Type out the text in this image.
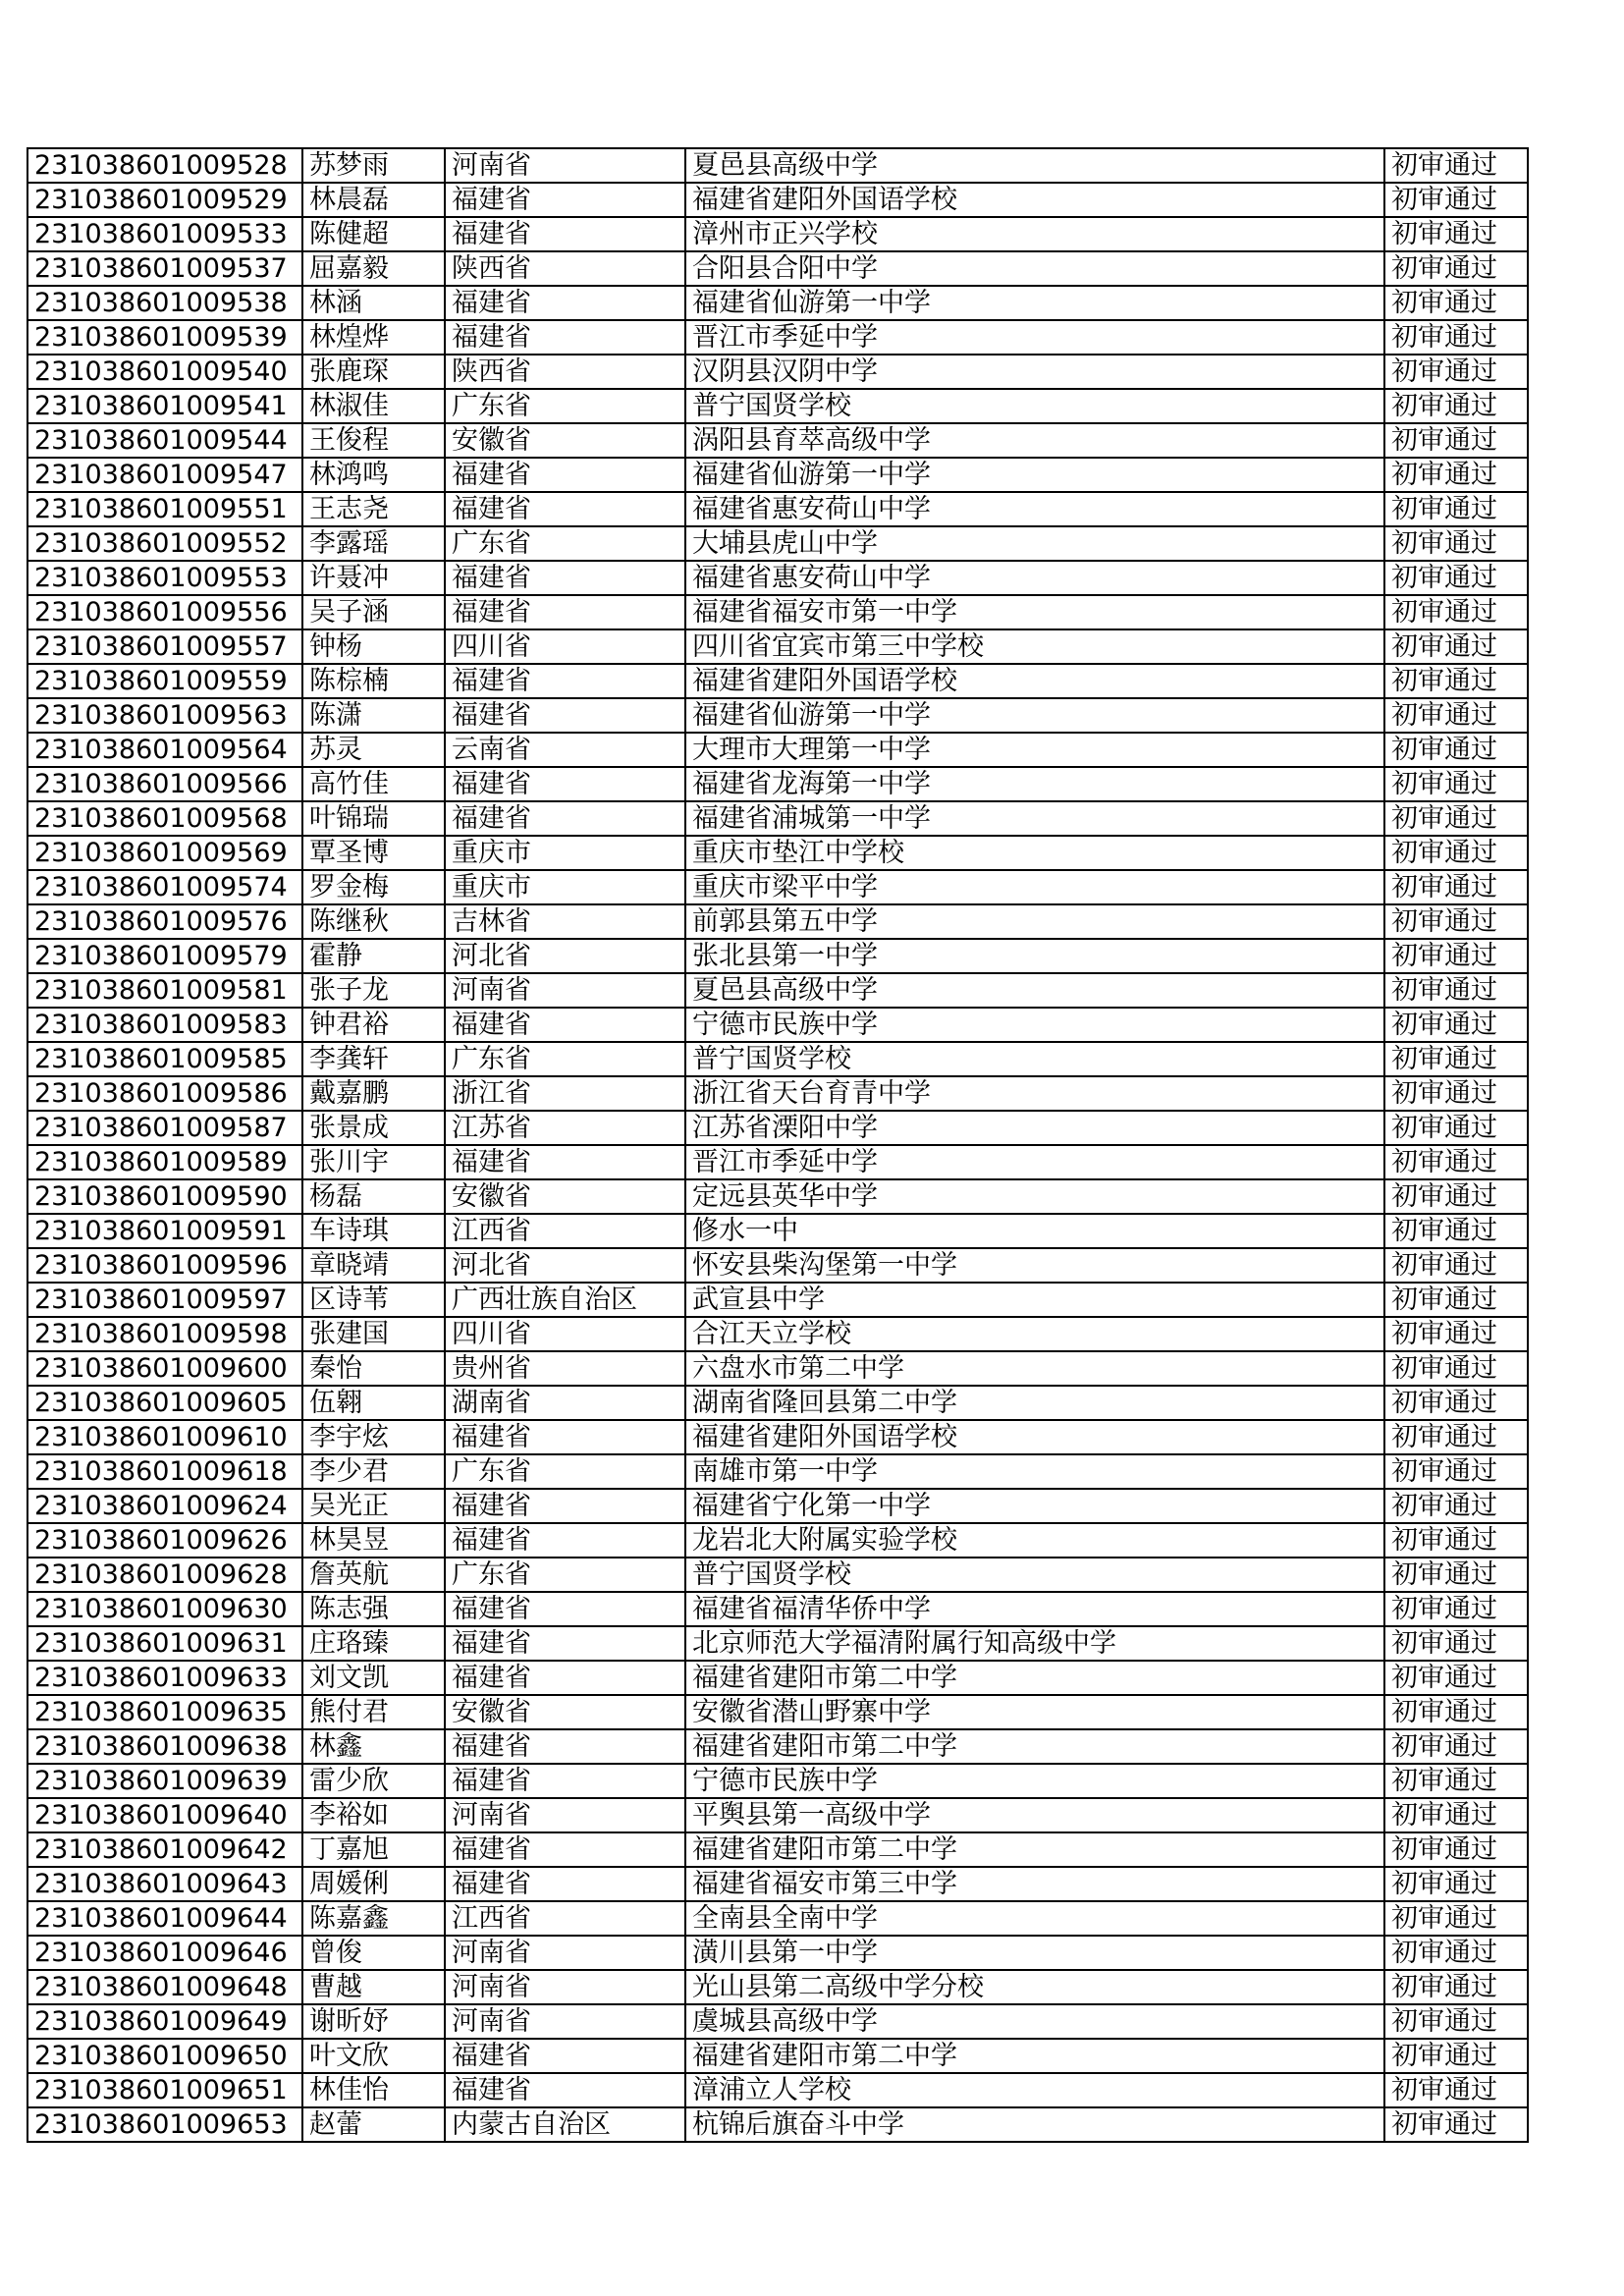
231038601009528	苏梦雨	河南省	夏邑县高级中学	初审通过
231038601009529	林晨磊	福建省	福建省建阳外国语学校	初审通过
231038601009533	陈健超	福建省	漳州市正兴学校	初审通过
231038601009537	屈嘉毅	陕西省	合阳县合阳中学	初审通过
231038601009538	林涵	福建省	福建省仙游第一中学	初审通过
231038601009539	林煌烨	福建省	晋江市季延中学	初审通过
231038601009540	张鹿琛	陕西省	汉阴县汉阴中学	初审通过
231038601009541	林淑佳	广东省	普宁国贤学校	初审通过
231038601009544	王俊程	安徽省	涡阳县育萃高级中学	初审通过
231038601009547	林鸿鸣	福建省	福建省仙游第一中学	初审通过
231038601009551	王志尧	福建省	福建省惠安荷山中学	初审通过
231038601009552	李露瑶	广东省	大埔县虎山中学	初审通过
231038601009553	许聂冲	福建省	福建省惠安荷山中学	初审通过
231038601009556	吴子涵	福建省	福建省福安市第一中学	初审通过
231038601009557	钟杨	四川省	四川省宜宾市第三中学校	初审通过
231038601009559	陈棕楠	福建省	福建省建阳外国语学校	初审通过
231038601009563	陈潇	福建省	福建省仙游第一中学	初审通过
231038601009564	苏灵	云南省	大理市大理第一中学	初审通过
231038601009566	高竹佳	福建省	福建省龙海第一中学	初审通过
231038601009568	叶锦瑞	福建省	福建省浦城第一中学	初审通过
231038601009569	覃圣博	重庆市	重庆市垫江中学校	初审通过
231038601009574	罗金梅	重庆市	重庆市梁平中学	初审通过
231038601009576	陈继秋	吉林省	前郭县第五中学	初审通过
231038601009579	霍静	河北省	张北县第一中学	初审通过
231038601009581	张子龙	河南省	夏邑县高级中学	初审通过
231038601009583	钟君裕	福建省	宁德市民族中学	初审通过
231038601009585	李龚轩	广东省	普宁国贤学校	初审通过
231038601009586	戴嘉鹏	浙江省	浙江省天台育青中学	初审通过
231038601009587	张景成	江苏省	江苏省溧阳中学	初审通过
231038601009589	张川宇	福建省	晋江市季延中学	初审通过
231038601009590	杨磊	安徽省	定远县英华中学	初审通过
231038601009591	车诗琪	江西省	修水一中	初审通过
231038601009596	章晓靖	河北省	怀安县柴沟堡第一中学	初审通过
231038601009597	区诗苇	广西壮族自治区	武宣县中学	初审通过
231038601009598	张建国	四川省	合江天立学校	初审通过
231038601009600	秦怡	贵州省	六盘水市第二中学	初审通过
231038601009605	伍翱	湖南省	湖南省隆回县第二中学	初审通过
231038601009610	李宇炫	福建省	福建省建阳外国语学校	初审通过
231038601009618	李少君	广东省	南雄市第一中学	初审通过
231038601009624	吴光正	福建省	福建省宁化第一中学	初审通过
231038601009626	林昊昱	福建省	龙岩北大附属实验学校	初审通过
231038601009628	詹英航	广东省	普宁国贤学校	初审通过
231038601009630	陈志强	福建省	福建省福清华侨中学	初审通过
231038601009631	庄珞臻	福建省	北京师范大学福清附属行知高级中学	初审通过
231038601009633	刘文凯	福建省	福建省建阳市第二中学	初审通过
231038601009635	熊付君	安徽省	安徽省潜山野寨中学	初审通过
231038601009638	林鑫	福建省	福建省建阳市第二中学	初审通过
231038601009639	雷少欣	福建省	宁德市民族中学	初审通过
231038601009640	李裕如	河南省	平舆县第一高级中学	初审通过
231038601009642	丁嘉旭	福建省	福建省建阳市第二中学	初审通过
231038601009643	周媛俐	福建省	福建省福安市第三中学	初审通过
231038601009644	陈嘉鑫	江西省	全南县全南中学	初审通过
231038601009646	曾俊	河南省	潢川县第一中学	初审通过
231038601009648	曹越	河南省	光山县第二高级中学分校	初审通过
231038601009649	谢昕妤	河南省	虞城县高级中学	初审通过
231038601009650	叶文欣	福建省	福建省建阳市第二中学	初审通过
231038601009651	林佳怡	福建省	漳浦立人学校	初审通过
231038601009653	赵蕾	内蒙古自治区	杭锦后旗奋斗中学	初审通过
